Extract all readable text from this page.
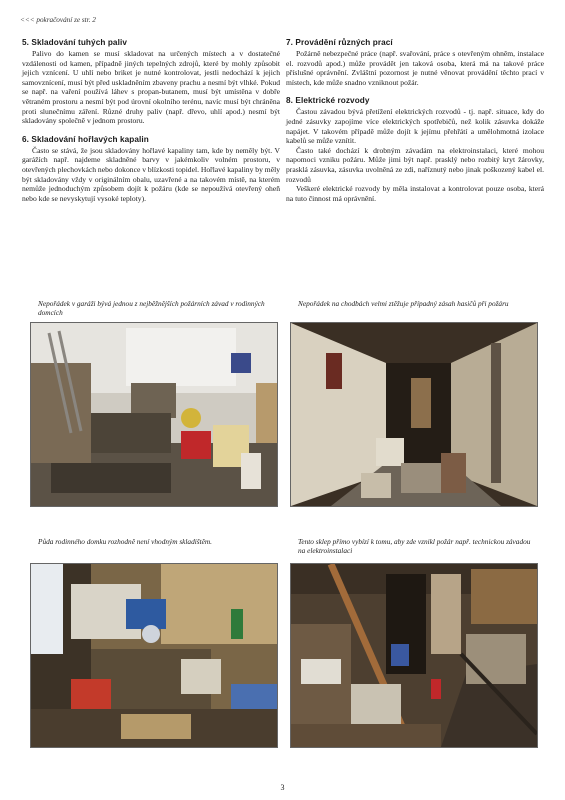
<<< pokračování ze str. 2
5. Skladování tuhých paliv

Palivo do kamen se musí skladovat na určených místech a v dostatečné vzdálenosti od kamen, případně jiných tepelných zdrojů, které by mohly způsobit jejich vznícení. U uhlí nebo briket je nutné kontrolovat, jestli nedochází k jejich samovznícení, musí být před uskladněním zbaveny prachu a nesmí být vlhké. Pokud se např. na vaření používá láhev s propan-butanem, musí být umístěna v dobře větraném prostoru a nesmí být pod úrovní okolního terénu, navíc musí být chráněna proti slunečnímu záření. Různé druhy paliv (např. dřevo, uhlí apod.) nesmí být skladovány společně v jednom prostoru.

6. Skladování hořlavých kapalin

Často se stává, že jsou skladovány hořlavé kapaliny tam, kde by neměly být. V garážích např. najdeme skladněné barvy v jakémkoliv volném prostoru, v otevřených plechovkách nebo dokonce v blízkosti topidel. Hořlavé kapaliny by měly být skladovány vždy v originálním obalu, uzavřené a na takovém místě, na kterém nemůže jednoduchým způsobem dojít k požáru (kde se nepoužívá otevřený oheň nebo kde se nevyskytují vysoké teploty).

7. Provádění různých prací

Požárně nebezpečné práce (např. svařování, práce s otevřeným ohněm, instalace el. rozvodů apod.) může provádět jen taková osoba, která má na takové práce příslušné oprávnění. Zvláštní pozornost je nutné věnovat provádění těchto prací v místech, kde může snadno vzniknout požár.

8. Elektrické rozvody

Častou závadou bývá přetížení elektrických rozvodů - tj. např. situace, kdy do jedné zásuvky zapojíme více elektrických spotřebičů, než kolik zásuvka dokáže napájet. V takovém případě může dojít k jejímu přehřátí a umělohmotná izolace kabelů se může vznítit.

Často také dochází k drobným závadám na elektroinstalaci, které mohou napomoci vzniku požáru. Může jimi být např. prasklý nebo rozbitý kryt žárovky, prasklá zásuvka, zásuvka uvolněná ze zdi, naříznutý nebo jinak poškozený kabel el. rozvodů

Veškeré elektrické rozvody by měla instalovat a kontrolovat pouze osoba, která na tuto činnost má oprávnění.

Nepořádek v garáži bývá jednou z nejběžnějších požárních závad v rodinných domcích
Nepořádek na chodbách velmi ztěžuje případný zásah hasičů při požáru
Půda rodinného domku rozhodně není vhodným skladištěm.	Tento sklep přímo vybízí k tomu, aby zde vznikl požár např. technickou závadou na elektroinstalaci
3
